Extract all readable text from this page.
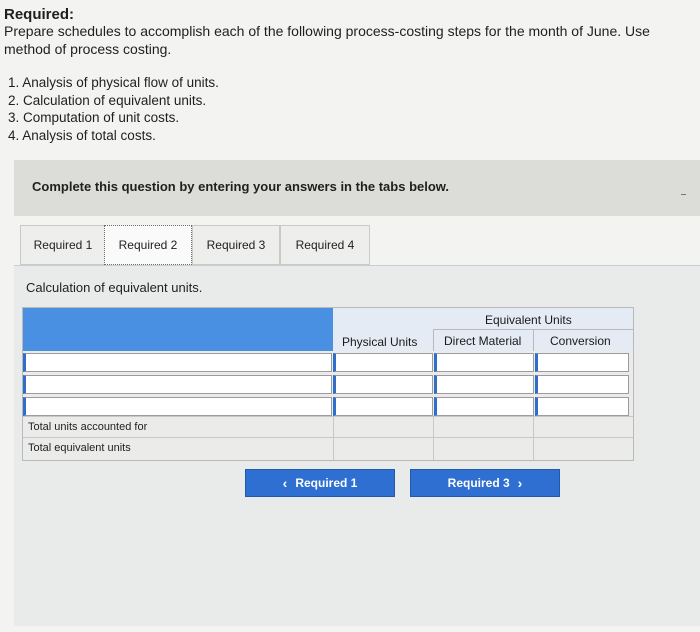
Required:
Prepare schedules to accomplish each of the following process-costing steps for the month of June. Use
method of process costing.
1. Analysis of physical flow of units.
2. Calculation of equivalent units.
3. Computation of unit costs.
4. Analysis of total costs.
Complete this question by entering your answers in the tabs below.
Required 1 Required 2 Required 3	Required 4
Calculation of equivalent units.
Equivalent Units
Physical Units Direct Material Conversion
Total units accounted for
Total equivalent units
‹ Required 1	Required 3 ›
